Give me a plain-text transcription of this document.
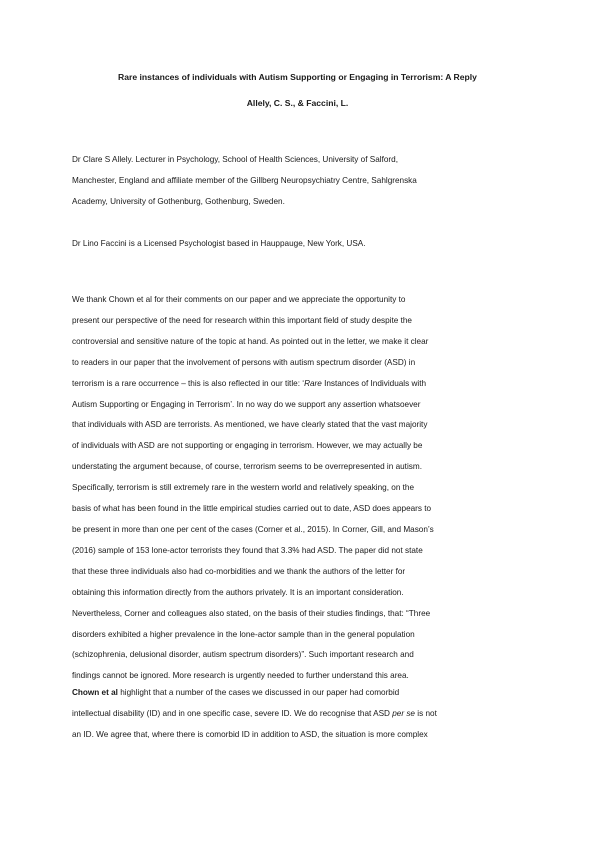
Rare instances of individuals with Autism Supporting or Engaging in Terrorism: A Reply

Allely, C. S., & Faccini, L.

Dr Clare S Allely. Lecturer in Psychology, School of Health Sciences, University of Salford,
Manchester, England and affiliate member of the Gillberg Neuropsychiatry Centre, Sahlgrenska
Academy, University of Gothenburg, Gothenburg, Sweden.

Dr Lino Faccini is a Licensed Psychologist based in Hauppauge, New York, USA.

We thank Chown et al for their comments on our paper and we appreciate the opportunity to
present our perspective of the need for research within this important field of study despite the
controversial and sensitive nature of the topic at hand. As pointed out in the letter, we make it clear
to readers in our paper that the involvement of persons with autism spectrum disorder (ASD) in
terrorism is a rare occurrence – this is also reflected in our title: ‘Rare Instances of Individuals with
Autism Supporting or Engaging in Terrorism’. In no way do we support any assertion whatsoever
that individuals with ASD are terrorists. As mentioned, we have clearly stated that the vast majority
of individuals with ASD are not supporting or engaging in terrorism. However, we may actually be
understating the argument because, of course, terrorism seems to be overrepresented in autism.
Specifically, terrorism is still extremely rare in the western world and relatively speaking, on the
basis of what has been found in the little empirical studies carried out to date, ASD does appears to
be present in more than one per cent of the cases (Corner et al., 2015). In Corner, Gill, and Mason’s
(2016) sample of 153 lone-actor terrorists they found that 3.3% had ASD. The paper did not state
that these three individuals also had co-morbidities and we thank the authors of the letter for
obtaining this information directly from the authors privately. It is an important consideration.
Nevertheless, Corner and colleagues also stated, on the basis of their studies findings, that: “Three
disorders exhibited a higher prevalence in the lone-actor sample than in the general population
(schizophrenia, delusional disorder, autism spectrum disorders)”. Such important research and
findings cannot be ignored. More research is urgently needed to further understand this area.

Chown et al highlight that a number of the cases we discussed in our paper had comorbid
intellectual disability (ID) and in one specific case, severe ID. We do recognise that ASD per se is not
an ID. We agree that, where there is comorbid ID in addition to ASD, the situation is more complex
